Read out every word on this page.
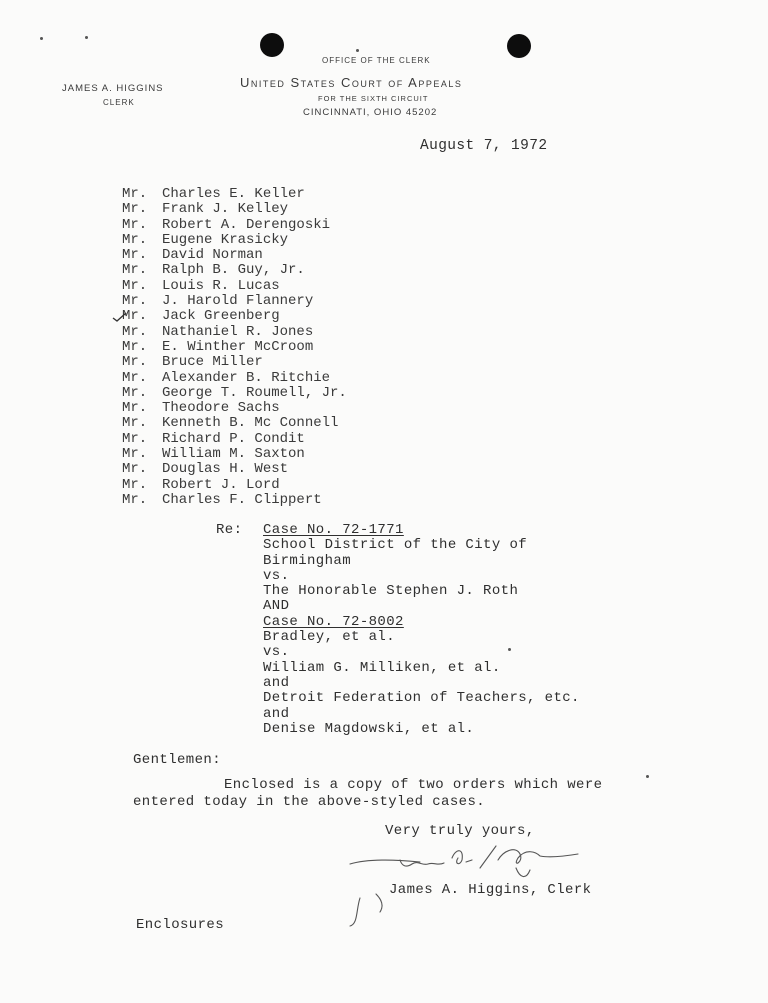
JAMES A. HIGGINS
CLERK
OFFICE OF THE CLERK
United States Court of Appeals
FOR THE SIXTH CIRCUIT
CINCINNATI, OHIO 45202
August 7, 1972
Mr.	Charles E. Keller
Mr.	Frank J. Kelley
Mr.	Robert A. Derengoski
Mr.	Eugene Krasicky
Mr.	David Norman
Mr.	Ralph B. Guy, Jr.
Mr.	Louis R. Lucas
Mr.	J. Harold Flannery
Mr.	Jack Greenberg
Mr.	Nathaniel R. Jones
Mr.	E. Winther McCroom
Mr.	Bruce Miller
Mr.	Alexander B. Ritchie
Mr.	George T. Roumell, Jr.
Mr.	Theodore Sachs
Mr.	Kenneth B. Mc Connell
Mr.	Richard P. Condit
Mr.	William M. Saxton
Mr.	Douglas H. West
Mr.	Robert J. Lord
Mr.	Charles F. Clippert
Re: Case No. 72-1771
School District of the City of
Birmingham
vs.
The Honorable Stephen J. Roth
AND
Case No. 72-8002
Bradley, et al.
vs.
William G. Milliken, et al.
and
Detroit Federation of Teachers, etc.
and
Denise Magdowski, et al.
Gentlemen:
Enclosed is a copy of two orders which were
entered today in the above-styled cases.
Very truly yours,
James A. Higgins, Clerk
Enclosures
